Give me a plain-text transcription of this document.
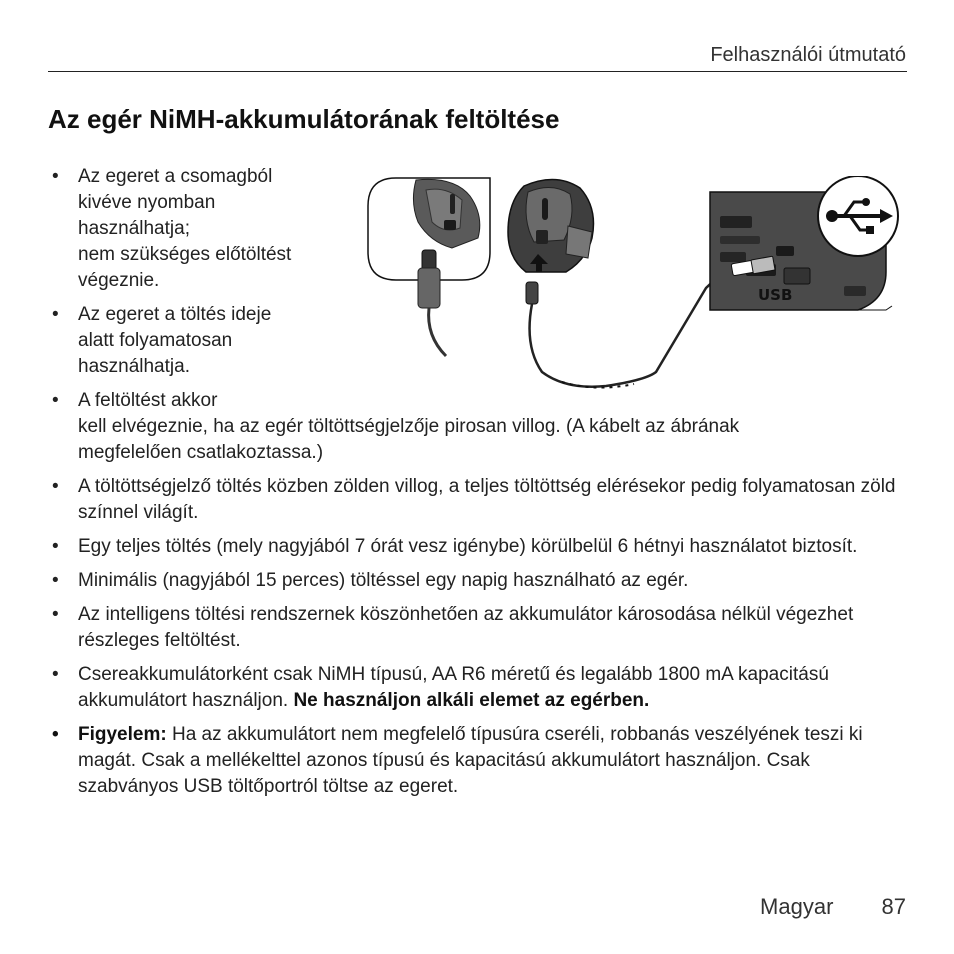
Felhasználói útmutató
Az egér NiMH-akkumulátorának feltöltése
• Az egeret a csomagból
kivéve nyomban
használhatja;
nem szükséges előtöltést
végeznie.
• Az egeret a töltés ideje
alatt folyamatosan
használhatja.
• A feltöltést akkor
kell elvégeznie, ha az egér töltöttségjelzője pirosan villog. (A kábelt az ábrának
megfelelően csatlakoztassa.)
• A töltöttségjelző töltés közben zölden villog, a teljes töltöttség elérésekor pedig folyamatosan zöld színnel világít.
• Egy teljes töltés (mely nagyjából 7 órát vesz igénybe) körülbelül 6 hétnyi használatot biztosít.
• Minimális (nagyjából 15 perces) töltéssel egy napig használható az egér.
• Az intelligens töltési rendszernek köszönhetően az akkumulátor károsodása nélkül végezhet részleges feltöltést.
• Csereakkumulátorként csak NiMH típusú, AA R6 méretű és legalább 1800 mA kapacitású akkumulátort használjon. Ne használjon alkáli elemet az egérben.
• Figyelem: Ha az akkumulátort nem megfelelő típusúra cseréli, robbanás veszélyének teszi ki magát. Csak a mellékelttel azonos típusú és kapacitású akkumulátort használjon. Csak szabványos USB töltőportról töltse az egeret.
USB
Magyar 87
